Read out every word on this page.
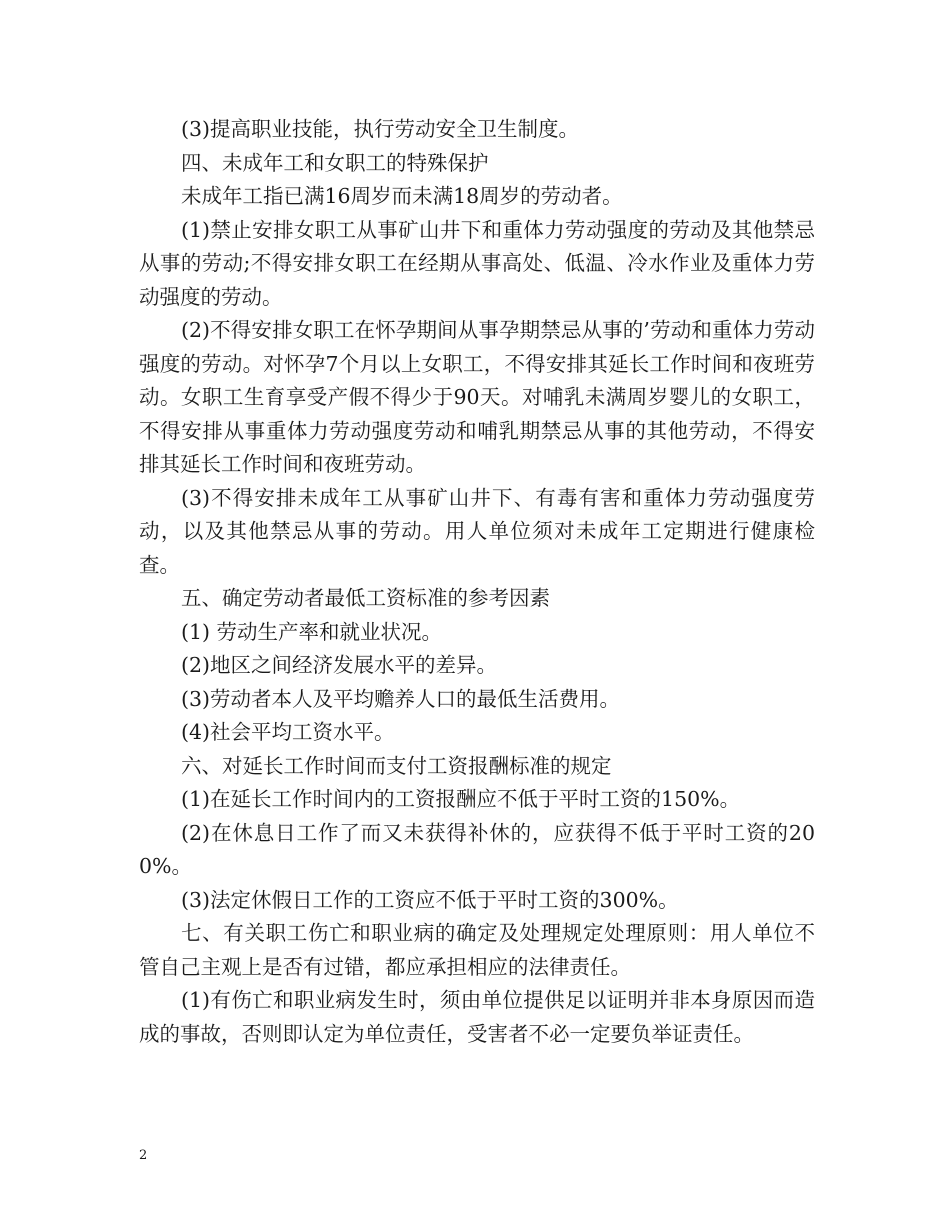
(3)提高职业技能，执行劳动安全卫生制度。

四、未成年工和女职工的特殊保护

未成年工指已满16周岁而未满18周岁的劳动者。

(1)禁止安排女职工从事矿山井下和重体力劳动强度的劳动及其他禁忌从事的劳动;不得安排女职工在经期从事高处、低温、冷水作业及重体力劳动强度的劳动。

(2)不得安排女职工在怀孕期间从事孕期禁忌从事的’劳动和重体力劳动强度的劳动。对怀孕7个月以上女职工，不得安排其延长工作时间和夜班劳动。女职工生育享受产假不得少于90天。对哺乳未满周岁婴儿的女职工，不得安排从事重体力劳动强度劳动和哺乳期禁忌从事的其他劳动，不得安排其延长工作时间和夜班劳动。

(3)不得安排未成年工从事矿山井下、有毒有害和重体力劳动强度劳动，以及其他禁忌从事的劳动。用人单位须对未成年工定期进行健康检查。

五、确定劳动者最低工资标准的参考因素

(1) 劳动生产率和就业状况。

(2)地区之间经济发展水平的差异。

(3)劳动者本人及平均赡养人口的最低生活费用。

(4)社会平均工资水平。

六、对延长工作时间而支付工资报酬标准的规定

(1)在延长工作时间内的工资报酬应不低于平时工资的150%。

(2)在休息日工作了而又未获得补休的，应获得不低于平时工资的200%。

(3)法定休假日工作的工资应不低于平时工资的300%。

七、有关职工伤亡和职业病的确定及处理规定处理原则：用人单位不管自己主观上是否有过错，都应承担相应的法律责任。

(1)有伤亡和职业病发生时，须由单位提供足以证明并非本身原因而造成的事故，否则即认定为单位责任，受害者不必一定要负举证责任。

2
